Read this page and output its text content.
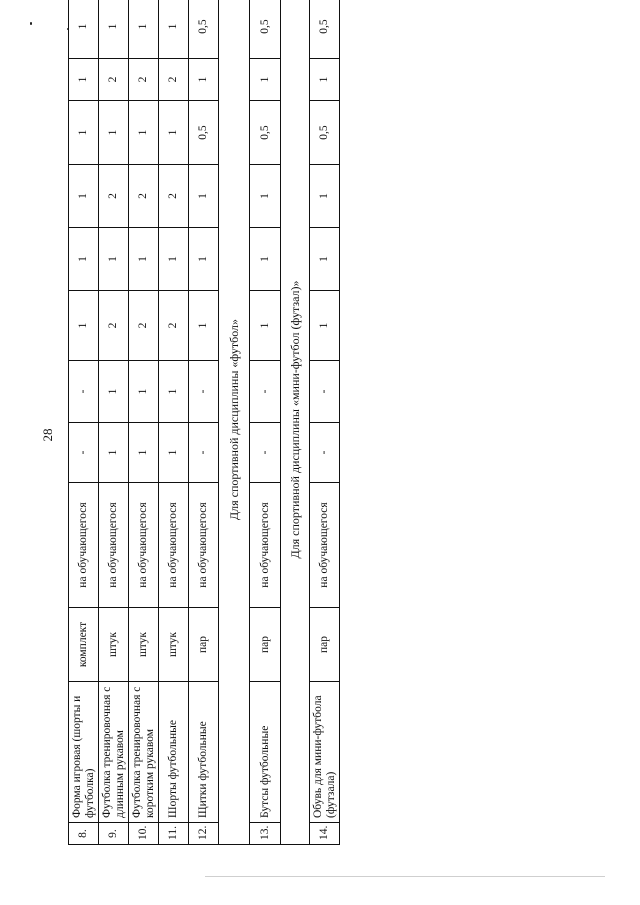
28
8.	Форма игровая (шорты и футболка)	комплект	на обучающегося	-	-	1	1	1	1	1	1
9.	Футболка тренировочная с длинным рукавом	штук	на обучающегося	1	1	2	1	2	1	2	1
10.	Футболка тренировочная с коротким рукавом	штук	на обучающегося	1	1	2	1	2	1	2	1
11.	Шорты футбольные	штук	на обучающегося	1	1	2	1	2	1	2	1
12.	Щитки футбольные	пар	на обучающегося	-	-	1	1	1	0,5	1	0,5
Для спортивной дисциплины «футбол»											
13.	Бутсы футбольные	пар	на обучающегося	-	-	1	1	1	0,5	1	0,5
Для спортивной дисциплины «мини-футбол (футзал)»											
14.	Обувь для мини-футбола (футзала)	пар	на обучающегося	-	-	1	1	1	0,5	1	0,5
